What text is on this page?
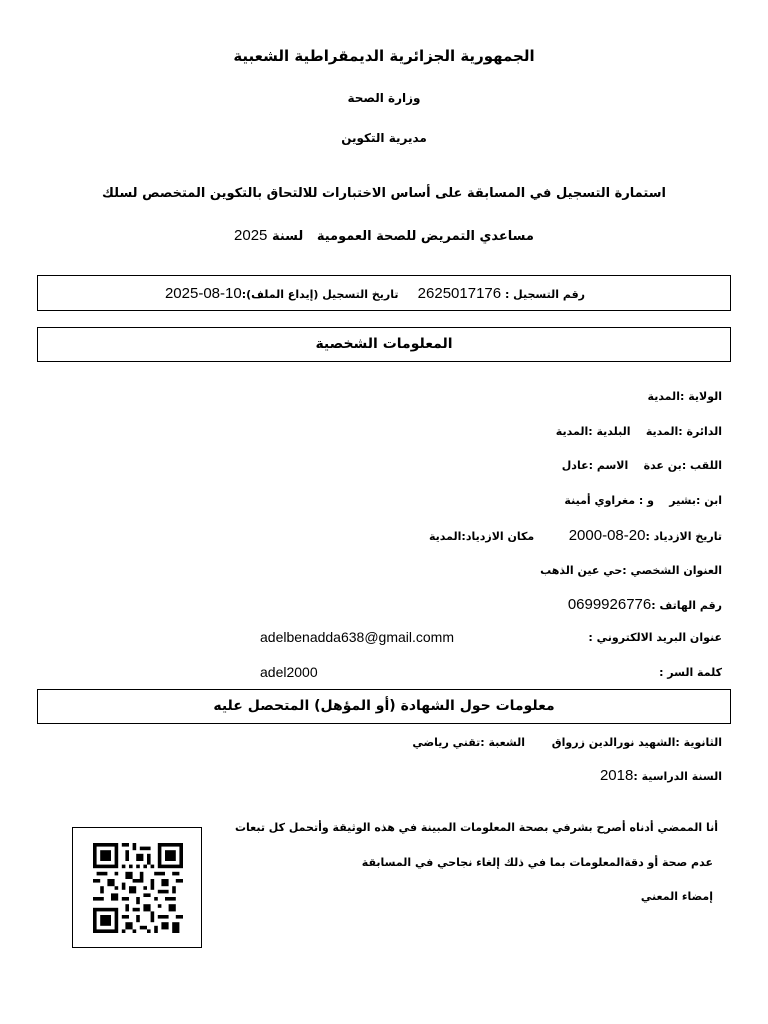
الجمهورية الجزائرية الديمقراطية الشعبية
وزارة الصحة
مديرية التكوين
استمارة التسجيل في المسابقة على أساس الاختبارات للالتحاق بالتكوين المتخصص لسلك
مساعدي التمريض للصحة العمومية   لسنة 2025
رقم التسجيل : 2625017176     تاريخ التسجيل (إيداع الملف):2025-08-10
المعلومات الشخصية
الولاية :المدية
الدائرة :المدية    البلدية :المدية
اللقب :بن عدة    الاسم :عادل
ابن :بشير    و : مغراوي أمينة
تاريخ الازدياد :2000-08-20         مكان الازدياد:المدية
العنوان الشخصي :حي عين الذهب
رقم الهاتف :0699926776
عنوان البريد الالكتروني :
adelbenadda638@gmail.comm
كلمة السر :
adel2000
معلومات حول الشهادة (أو المؤهل) المتحصل عليه
الثانوية :الشهيد نورالدين زرواق       الشعبة :تقني رياضي
السنة الدراسية :2018
أنا الممضي أدناه أصرح بشرفي بصحة المعلومات المبينة في هذه الوثيقة وأتحمل كل تبعات
عدم صحة أو دقةالمعلومات بما في ذلك إلغاء نجاحي في المسابقة
إمضاء المعني
